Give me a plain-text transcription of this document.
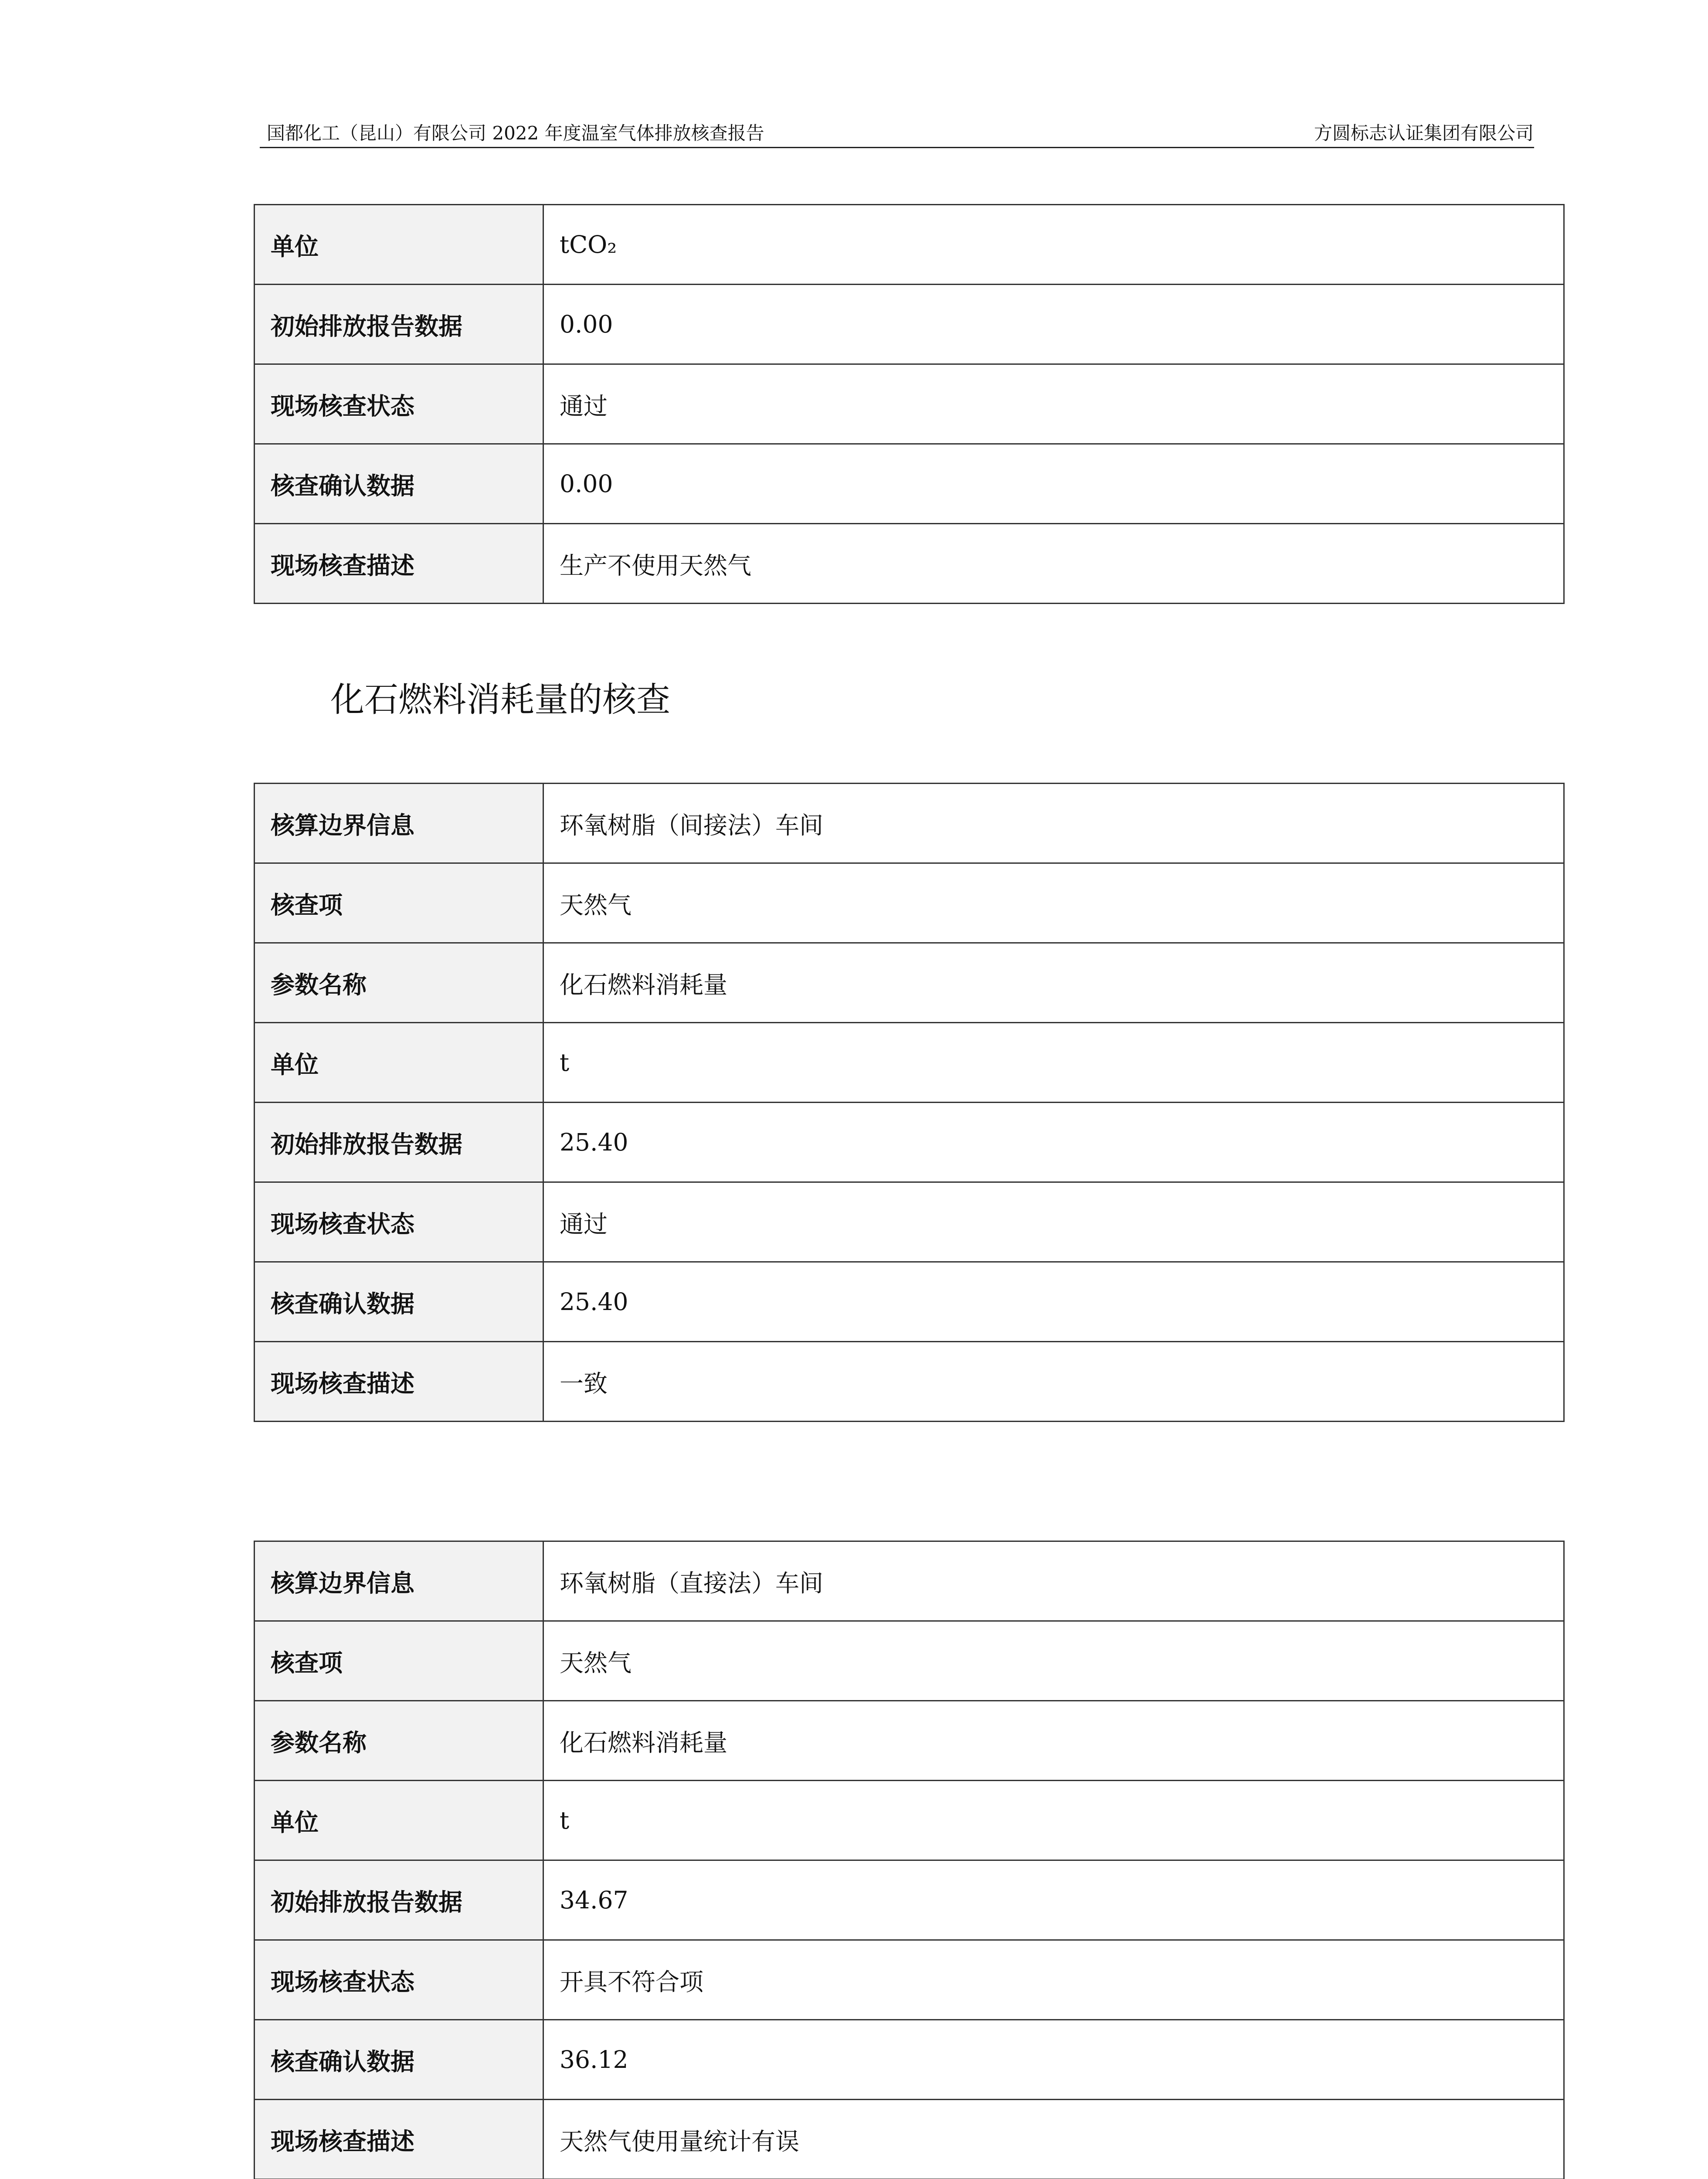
国都化工（昆山）有限公司 2022 年度温室气体排放核查报告	方圆标志认证集团有限公司
单位	tCO₂
初始排放报告数据	0.00
现场核查状态	通过
核查确认数据	0.00
现场核查描述	生产不使用天然气
化石燃料消耗量的核查
核算边界信息	环氧树脂（间接法）车间
核查项	天然气
参数名称	化石燃料消耗量
单位	t
初始排放报告数据	25.40
现场核查状态	通过
核查确认数据	25.40
现场核查描述	一致
核算边界信息	环氧树脂（直接法）车间
核查项	天然气
参数名称	化石燃料消耗量
单位	t
初始排放报告数据	34.67
现场核查状态	开具不符合项
核查确认数据	36.12
现场核查描述	天然气使用量统计有误
